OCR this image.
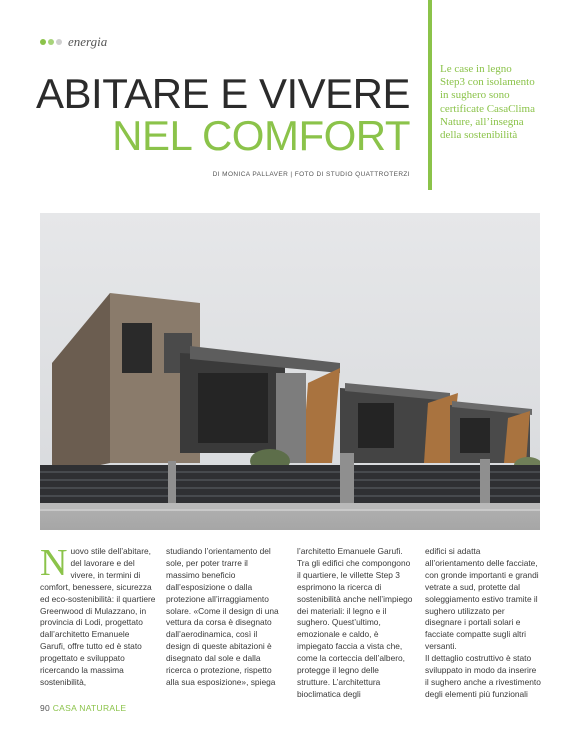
energia
ABITARE E VIVERE
NEL COMFORT
DI MONICA PALLAVER | FOTO DI STUDIO QUATTROTERZI
Le case in legno Step3 con isolamento in sughero sono certificate CasaClima Nature, all’insegna della sostenibilità

Nuovo stile dell’abitare, del lavorare e del vivere, in termini di comfort, benessere, sicurezza ed eco-sostenibilità: il quartiere Greenwood di Mulazzano, in provincia di Lodi, progettato dall’architetto Emanuele Garufi, offre tutto ed è stato progettato e sviluppato ricercando la massima sostenibilità,

studiando l’orientamento del sole, per poter trarre il massimo beneficio dall’esposizione o dalla protezione all’irraggiamento solare. «Come il design di una vettura da corsa è disegnato dall’aerodinamica, così il design di queste abitazioni è disegnato dal sole e dalla ricerca o protezione, rispetto alla sua esposizione», spiega

l’architetto Emanuele Garufi. Tra gli edifici che compongono il quartiere, le villette Step 3 esprimono la ricerca di sostenibilità anche nell’impiego dei materiali: il legno e il sughero. Quest’ultimo, emozionale e caldo, è impiegato faccia a vista che, come la corteccia dell’albero, protegge il legno delle strutture. L’architettura bioclimatica degli

edifici si adatta all’orientamento delle facciate, con gronde importanti e grandi vetrate a sud, protette dal soleggiamento estivo tramite il sughero utilizzato per disegnare i portali solari e facciate compatte sugli altri versanti.

Il dettaglio costruttivo è stato sviluppato in modo da inserire il sughero anche a rivestimento degli elementi più funzionali

90 CASA NATURALE
